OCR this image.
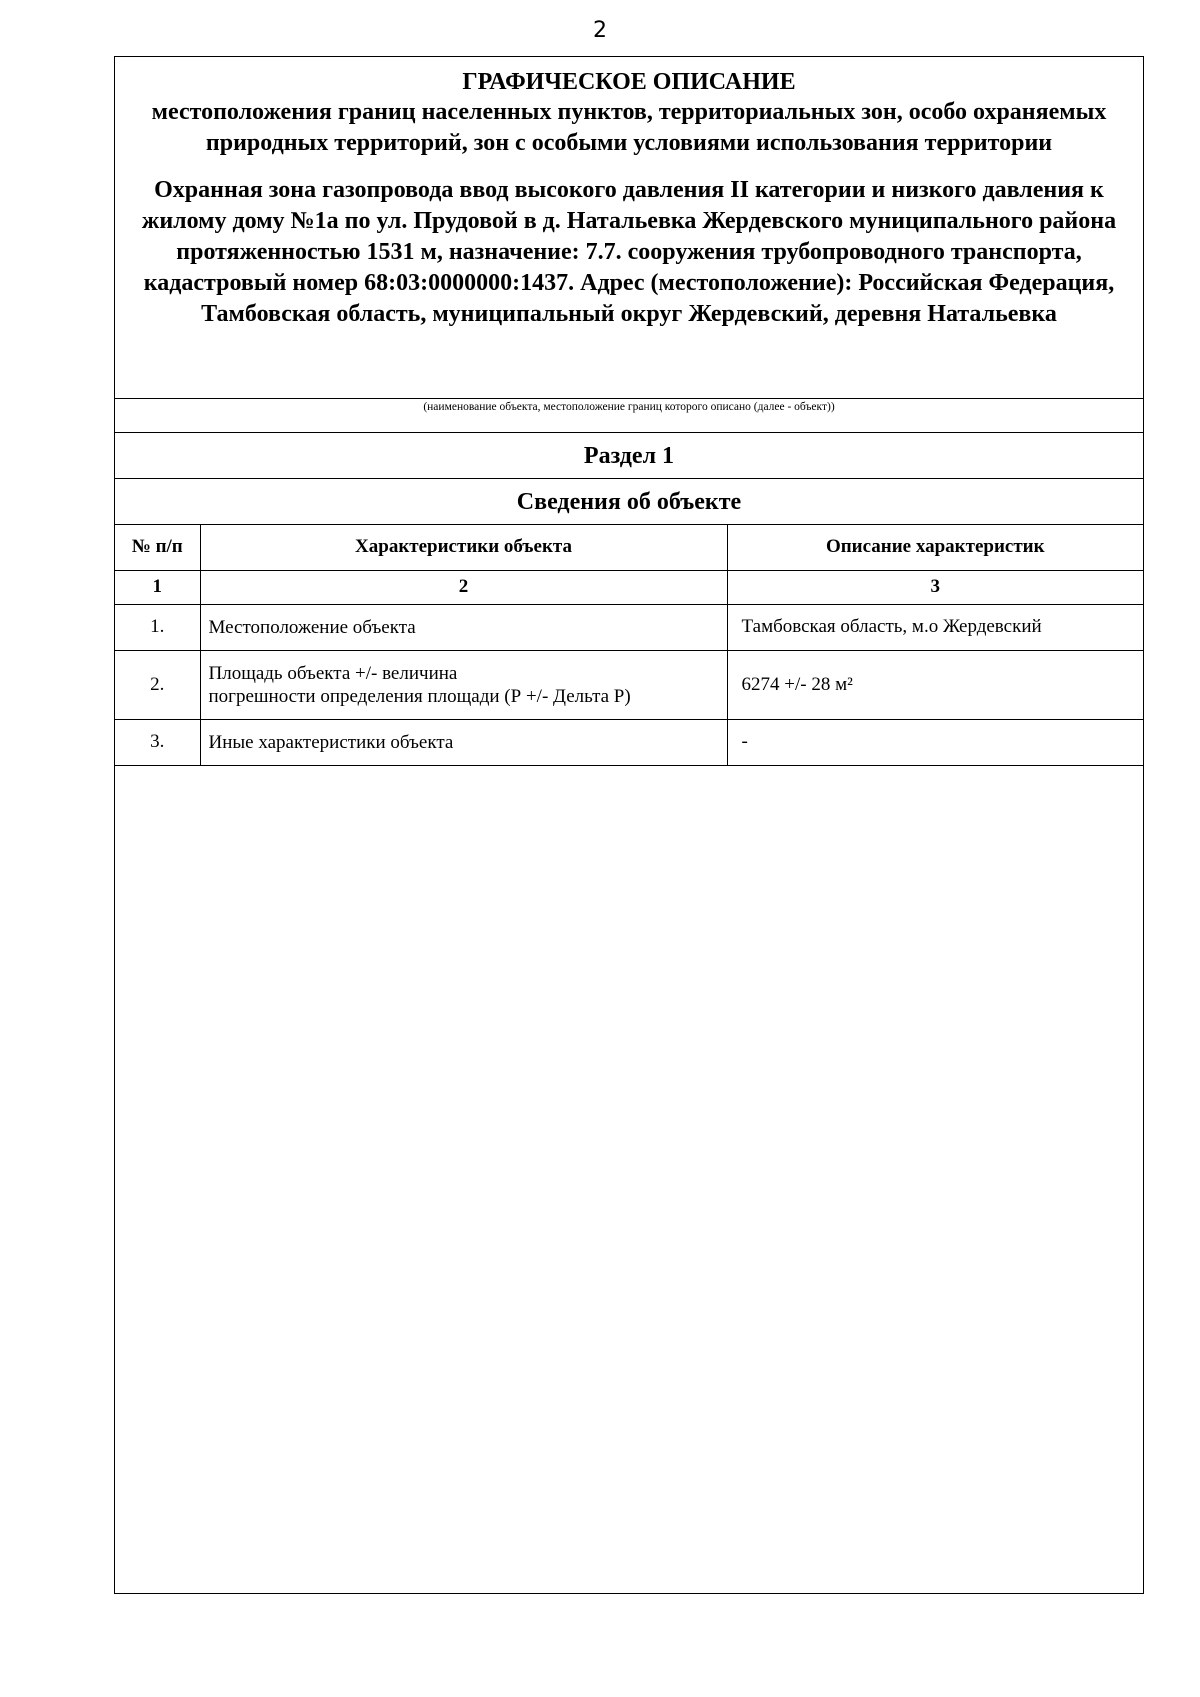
2
ГРАФИЧЕСКОЕ ОПИСАНИЕ
местоположения границ населенных пунктов, территориальных зон, особо охраняемых природных территорий, зон с особыми условиями использования территории
Охранная зона газопровода ввод высокого давления II категории и низкого давления к жилому дому №1а по ул. Прудовой в д. Натальевка Жердевского муниципального района протяженностью 1531 м, назначение: 7.7. сооружения трубопроводного транспорта, кадастровый номер 68:03:0000000:1437. Адрес (местоположение): Российская Федерация, Тамбовская область, муниципальный округ Жердевский, деревня Натальевка
(наименование объекта, местоположение границ которого описано (далее - объект))
Раздел 1
Сведения об объекте
№ п/п	Характеристики объекта	Описание характеристик
1	2	3
1.	Местоположение объекта	Тамбовская область, м.о Жердевский
2.	Площадь объекта +/- величина
погрешности определения площади (Р +/- Дельта Р)	6274 +/- 28 м²
3.	Иные характеристики объекта	-
